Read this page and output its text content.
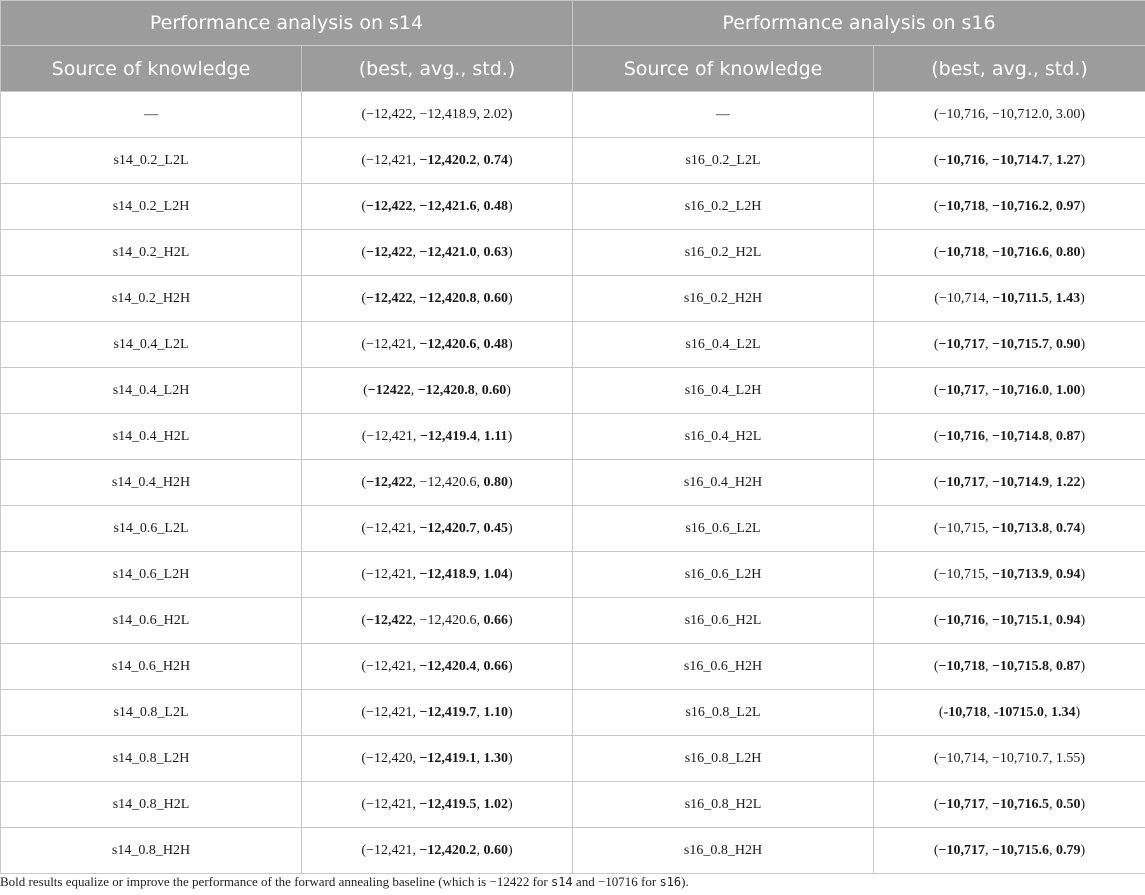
Performance analysis on s14		Performance analysis on s16	
Source of knowledge	(best, avg., std.)	Source of knowledge	(best, avg., std.)
—	(−12,422, −12,418.9, 2.02)	—	(−10,716, −10,712.0, 3.00)
s14_0.2_L2L	(−12,421, −12,420.2, 0.74)	s16_0.2_L2L	(−10,716, −10,714.7, 1.27)
s14_0.2_L2H	(−12,422, −12,421.6, 0.48)	s16_0.2_L2H	(−10,718, −10,716.2, 0.97)
s14_0.2_H2L	(−12,422, −12,421.0, 0.63)	s16_0.2_H2L	(−10,718, −10,716.6, 0.80)
s14_0.2_H2H	(−12,422, −12,420.8, 0.60)	s16_0.2_H2H	(−10,714, −10,711.5, 1.43)
s14_0.4_L2L	(−12,421, −12,420.6, 0.48)	s16_0.4_L2L	(−10,717, −10,715.7, 0.90)
s14_0.4_L2H	(−12422, −12,420.8, 0.60)	s16_0.4_L2H	(−10,717, −10,716.0, 1.00)
s14_0.4_H2L	(−12,421, −12,419.4, 1.11)	s16_0.4_H2L	(−10,716, −10,714.8, 0.87)
s14_0.4_H2H	(−12,422, −12,420.6, 0.80)	s16_0.4_H2H	(−10,717, −10,714.9, 1.22)
s14_0.6_L2L	(−12,421, −12,420.7, 0.45)	s16_0.6_L2L	(−10,715, −10,713.8, 0.74)
s14_0.6_L2H	(−12,421, −12,418.9, 1.04)	s16_0.6_L2H	(−10,715, −10,713.9, 0.94)
s14_0.6_H2L	(−12,422, −12,420.6, 0.66)	s16_0.6_H2L	(−10,716, −10,715.1, 0.94)
s14_0.6_H2H	(−12,421, −12,420.4, 0.66)	s16_0.6_H2H	(−10,718, −10,715.8, 0.87)
s14_0.8_L2L	(−12,421, −12,419.7, 1.10)	s16_0.8_L2L	(-10,718, -10715.0, 1.34)
s14_0.8_L2H	(−12,420, −12,419.1, 1.30)	s16_0.8_L2H	(−10,714, −10,710.7, 1.55)
s14_0.8_H2L	(−12,421, −12,419.5, 1.02)	s16_0.8_H2L	(−10,717, −10,716.5, 0.50)
s14_0.8_H2H	(−12,421, −12,420.2, 0.60)	s16_0.8_H2H	(−10,717, −10,715.6, 0.79)
Bold results equalize or improve the performance of the forward annealing baseline (which is −12422 for s14 and −10716 for s16).
